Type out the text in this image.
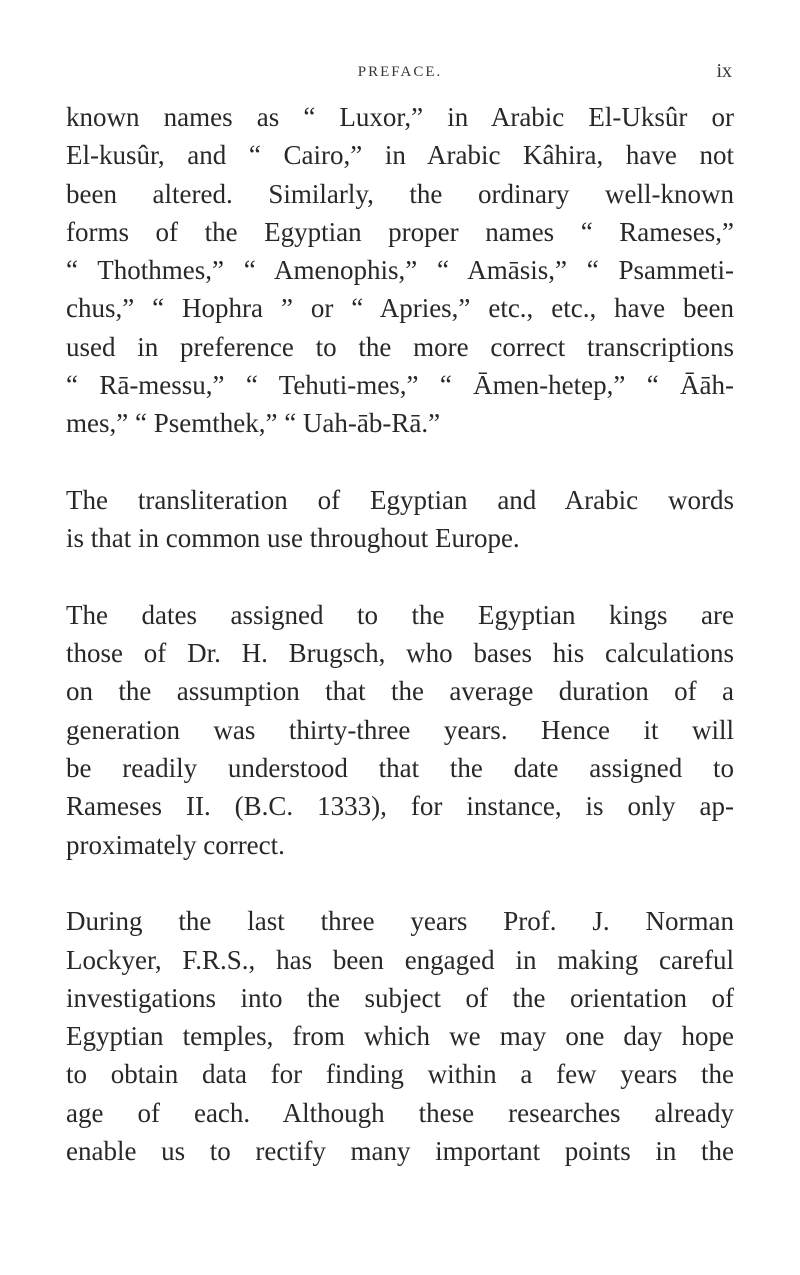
PREFACE.	ix
known names as “ Luxor,” in Arabic El-Uksûr or
El-kusûr, and “ Cairo,” in Arabic Kâhira, have not
been altered. Similarly, the ordinary well-known
forms of the Egyptian proper names “ Rameses,”
“ Thothmes,” “ Amenophis,” “ Amāsis,” “ Psammeti-
chus,” “ Hophra ” or “ Apries,” etc., etc., have been
used in preference to the more correct transcriptions
“ Rā-messu,” “ Tehuti-mes,” “ Āmen-hetep,” “ Āāh-
mes,” “ Psemthek,” “ Uah-āb-Rā.”
The transliteration of Egyptian and Arabic words
is that in common use throughout Europe.
The dates assigned to the Egyptian kings are
those of Dr. H. Brugsch, who bases his calculations
on the assumption that the average duration of a
generation was thirty-three years. Hence it will
be readily understood that the date assigned to
Rameses II. (B.C. 1333), for instance, is only ap-
proximately correct.
During the last three years Prof. J. Norman
Lockyer, F.R.S., has been engaged in making careful
investigations into the subject of the orientation of
Egyptian temples, from which we may one day hope
to obtain data for finding within a few years the
age of each. Although these researches already
enable us to rectify many important points in the
